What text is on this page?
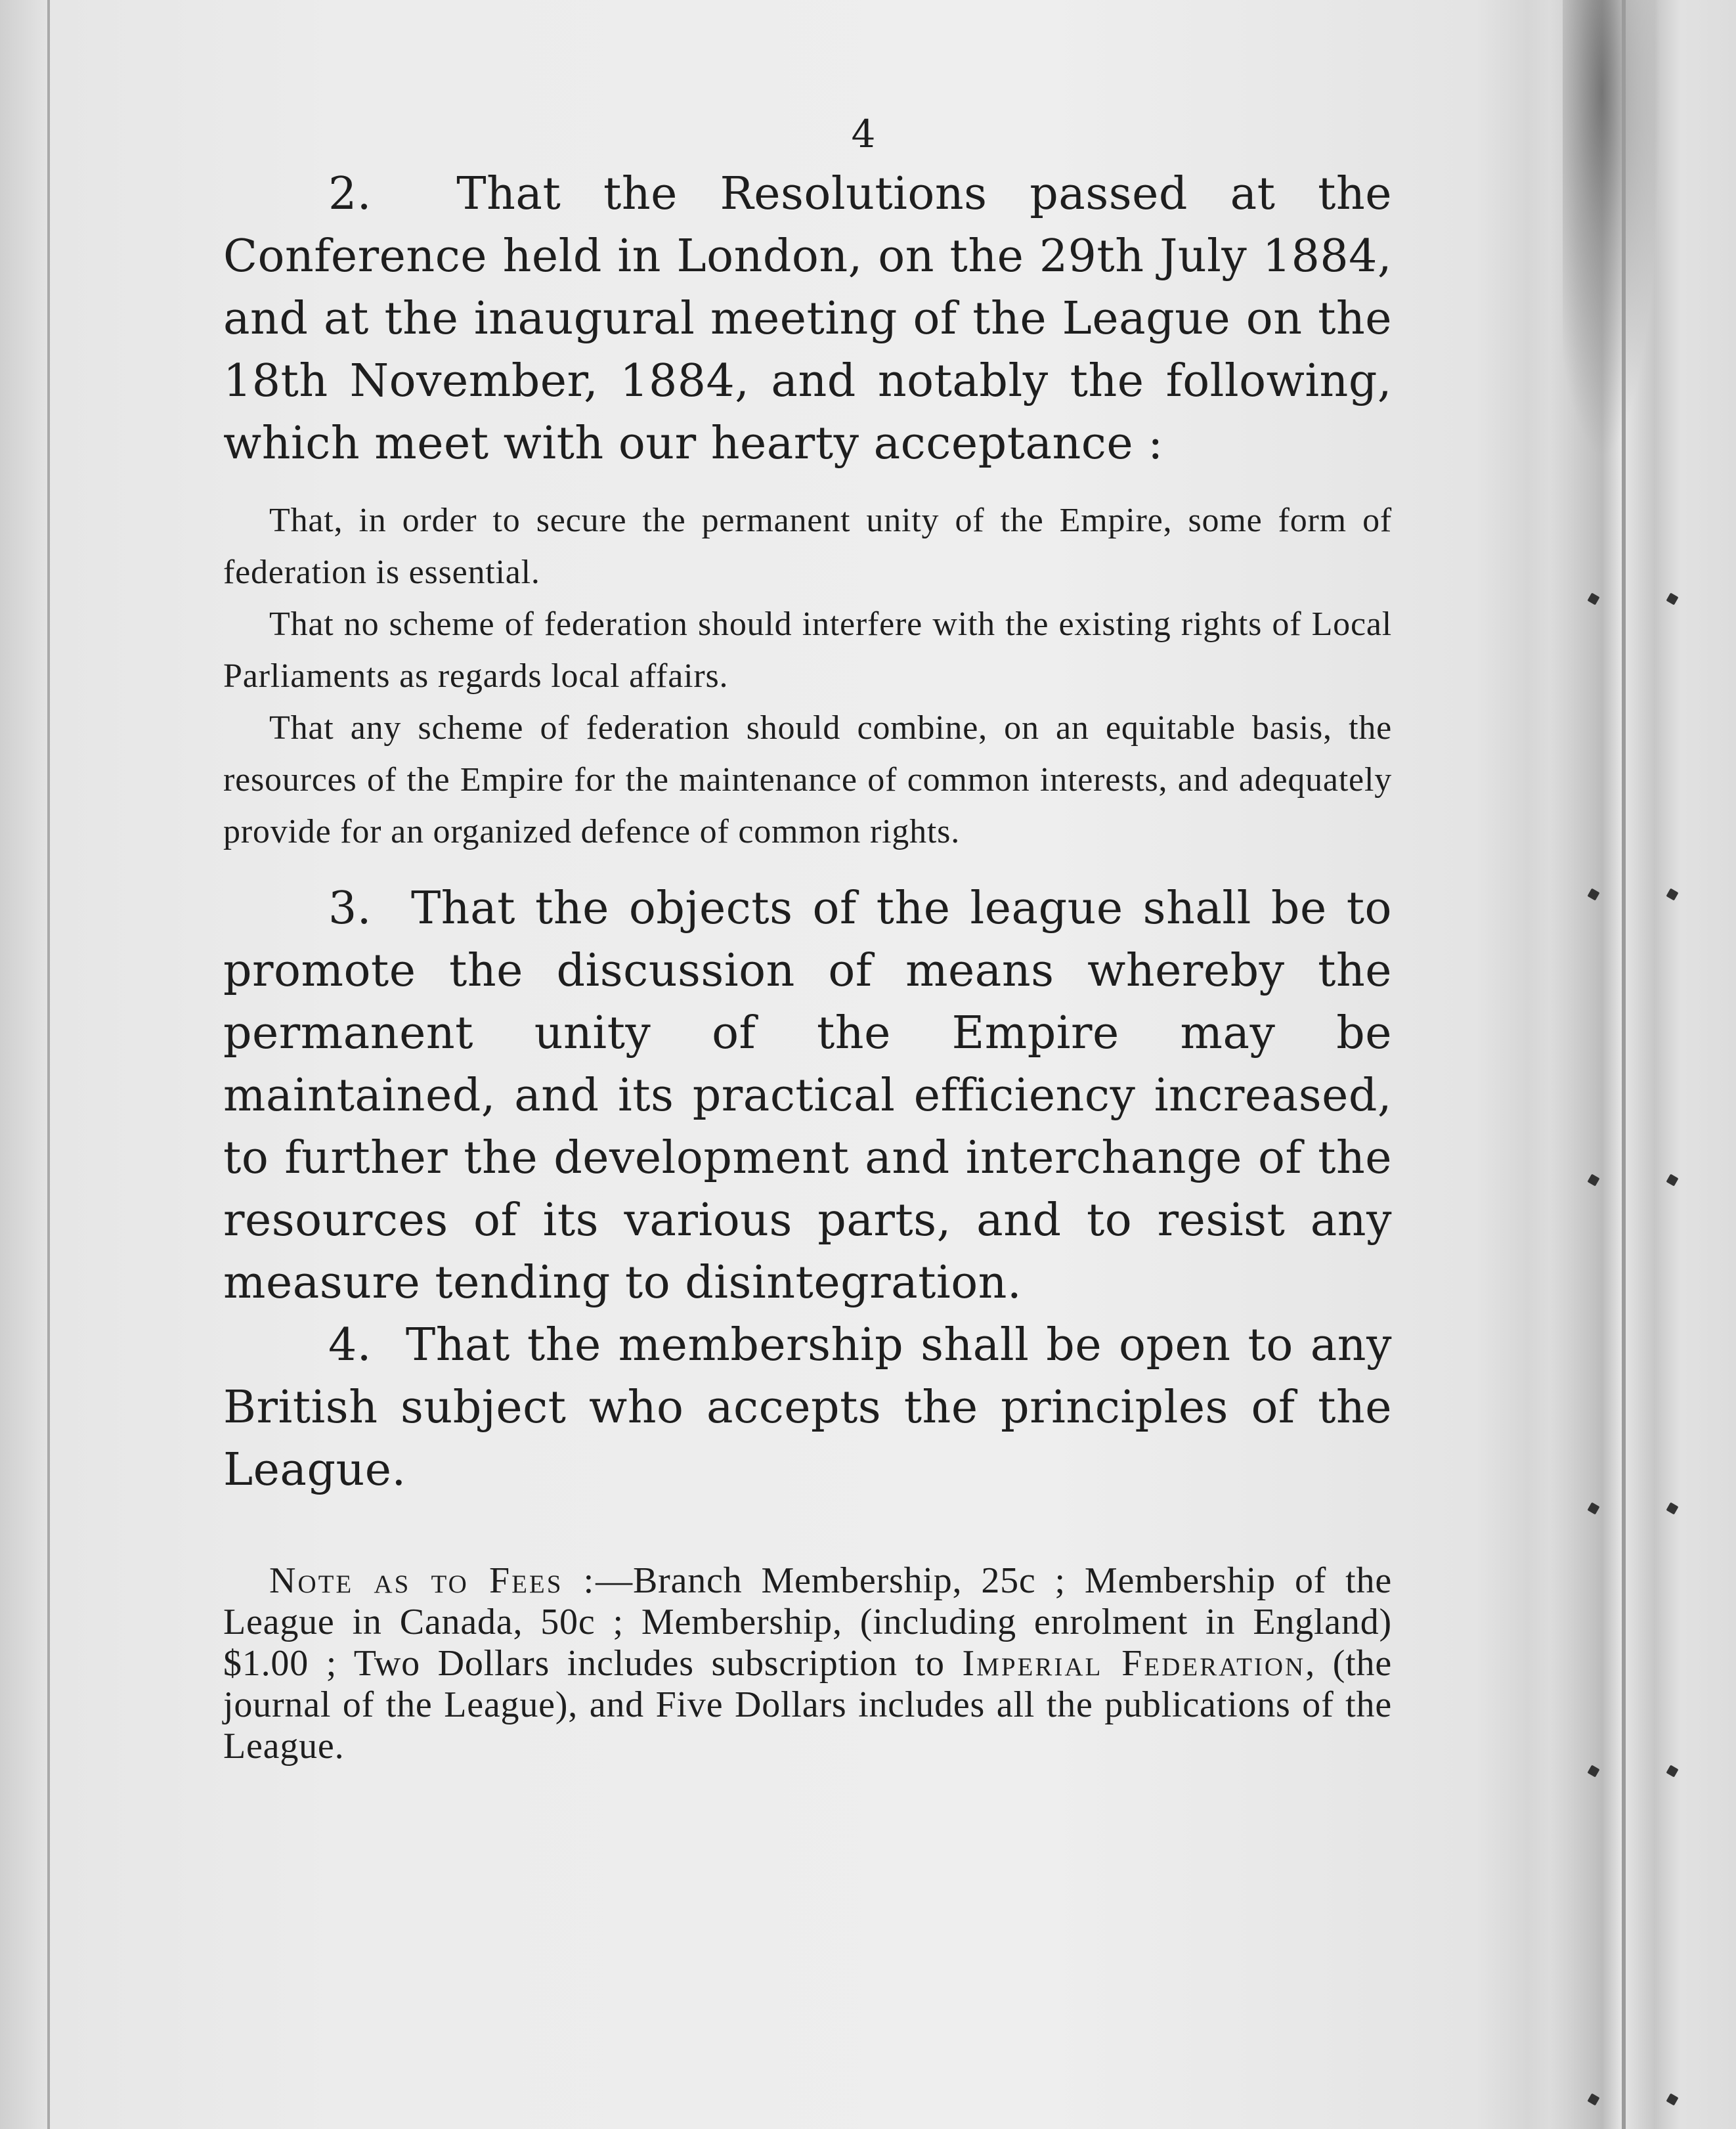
4

2. That the Resolutions passed at the Conference held in London, on the 29th July 1884, and at the inaugural meeting of the League on the 18th November, 1884, and notably the following, which meet with our hearty acceptance :

That, in order to secure the permanent unity of the Empire, some form of federation is essential.

That no scheme of federation should interfere with the existing rights of Local Parliaments as regards local affairs.

That any scheme of federation should combine, on an equitable basis, the resources of the Empire for the maintenance of common interests, and adequately provide for an organized defence of common rights.

3. That the objects of the league shall be to promote the discussion of means whereby the permanent unity of the Empire may be maintained, and its practical efficiency increased, to further the development and interchange of the resources of its various parts, and to resist any measure tending to disintegration.

4. That the membership shall be open to any British subject who accepts the principles of the League.

Note as to Fees :—Branch Membership, 25c ; Membership of the League in Canada, 50c ; Membership, (including enrolment in England) $1.00 ; Two Dollars includes subscription to Imperial Federation, (the journal of the League), and Five Dollars includes all the publications of the League.
